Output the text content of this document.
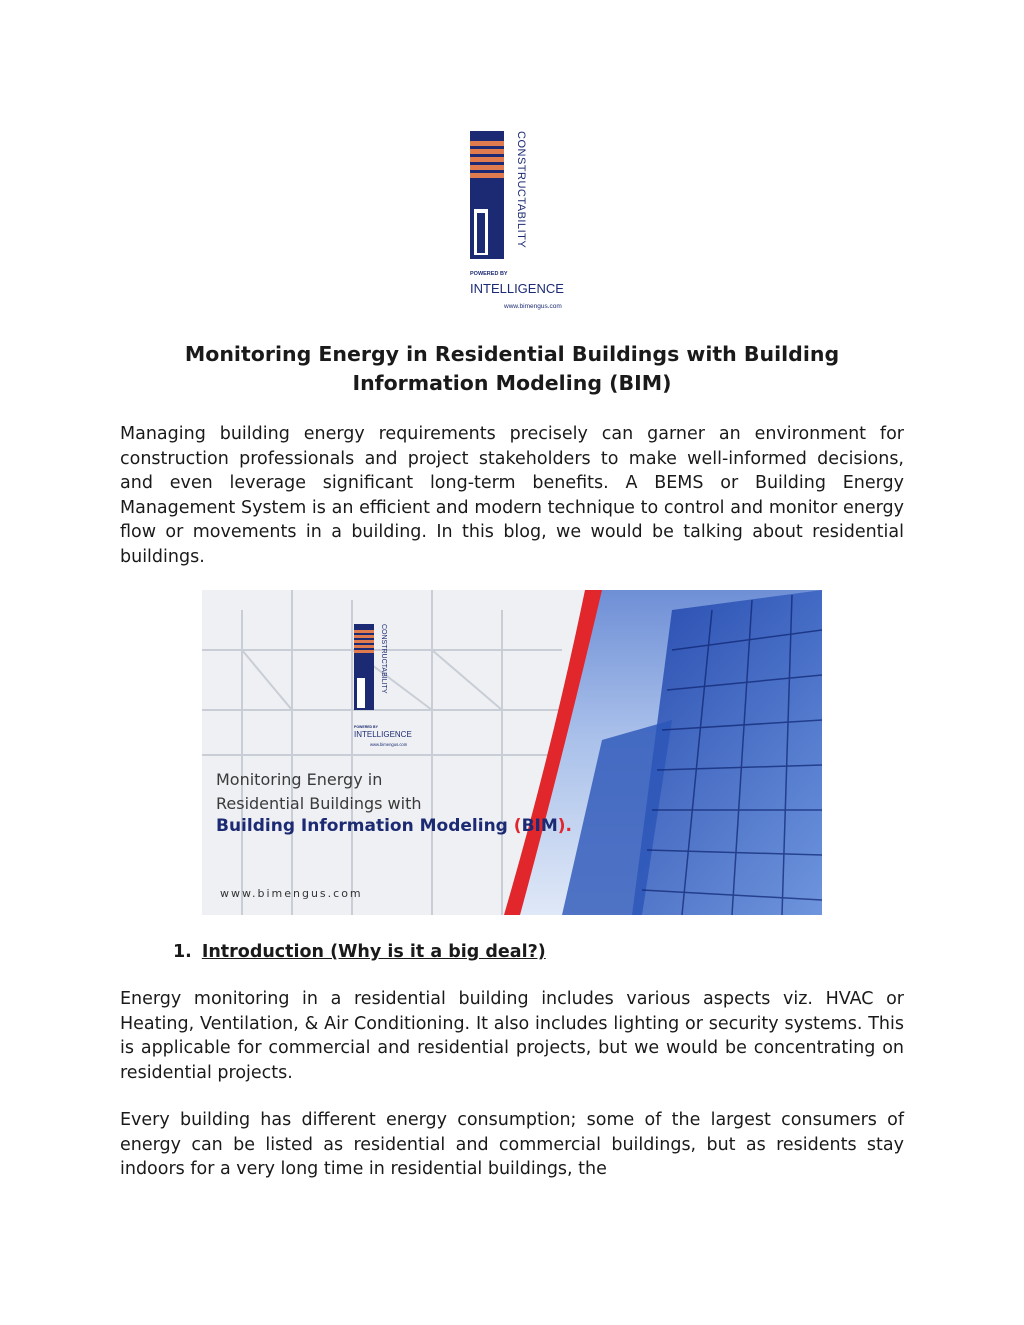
CONSTRUCTABILITY
POWERED BY
INTELLIGENCE
www.bimengus.com
Monitoring Energy in Residential Buildings with Building Information Modeling (BIM)

Managing building energy requirements precisely can garner an environment for construction professionals and project stakeholders to make well-informed decisions, and even leverage significant long-term benefits. A BEMS or Building Energy Management System is an efficient and modern technique to control and monitor energy flow or movements in a building. In this blog, we would be talking about residential buildings.

CONSTRUCTABILITY
POWERED BY
INTELLIGENCE
www.bimengus.com
Monitoring Energy in
Residential Buildings with
Building Information Modeling (BIM).
www.bimengus.com
1. Introduction (Why is it a big deal?)

Energy monitoring in a residential building includes various aspects viz. HVAC or Heating, Ventilation, & Air Conditioning. It also includes lighting or security systems. This is applicable for commercial and residential projects, but we would be concentrating on residential projects.

Every building has different energy consumption; some of the largest consumers of energy can be listed as residential and commercial buildings, but as residents stay indoors for a very long time in residential buildings, the
